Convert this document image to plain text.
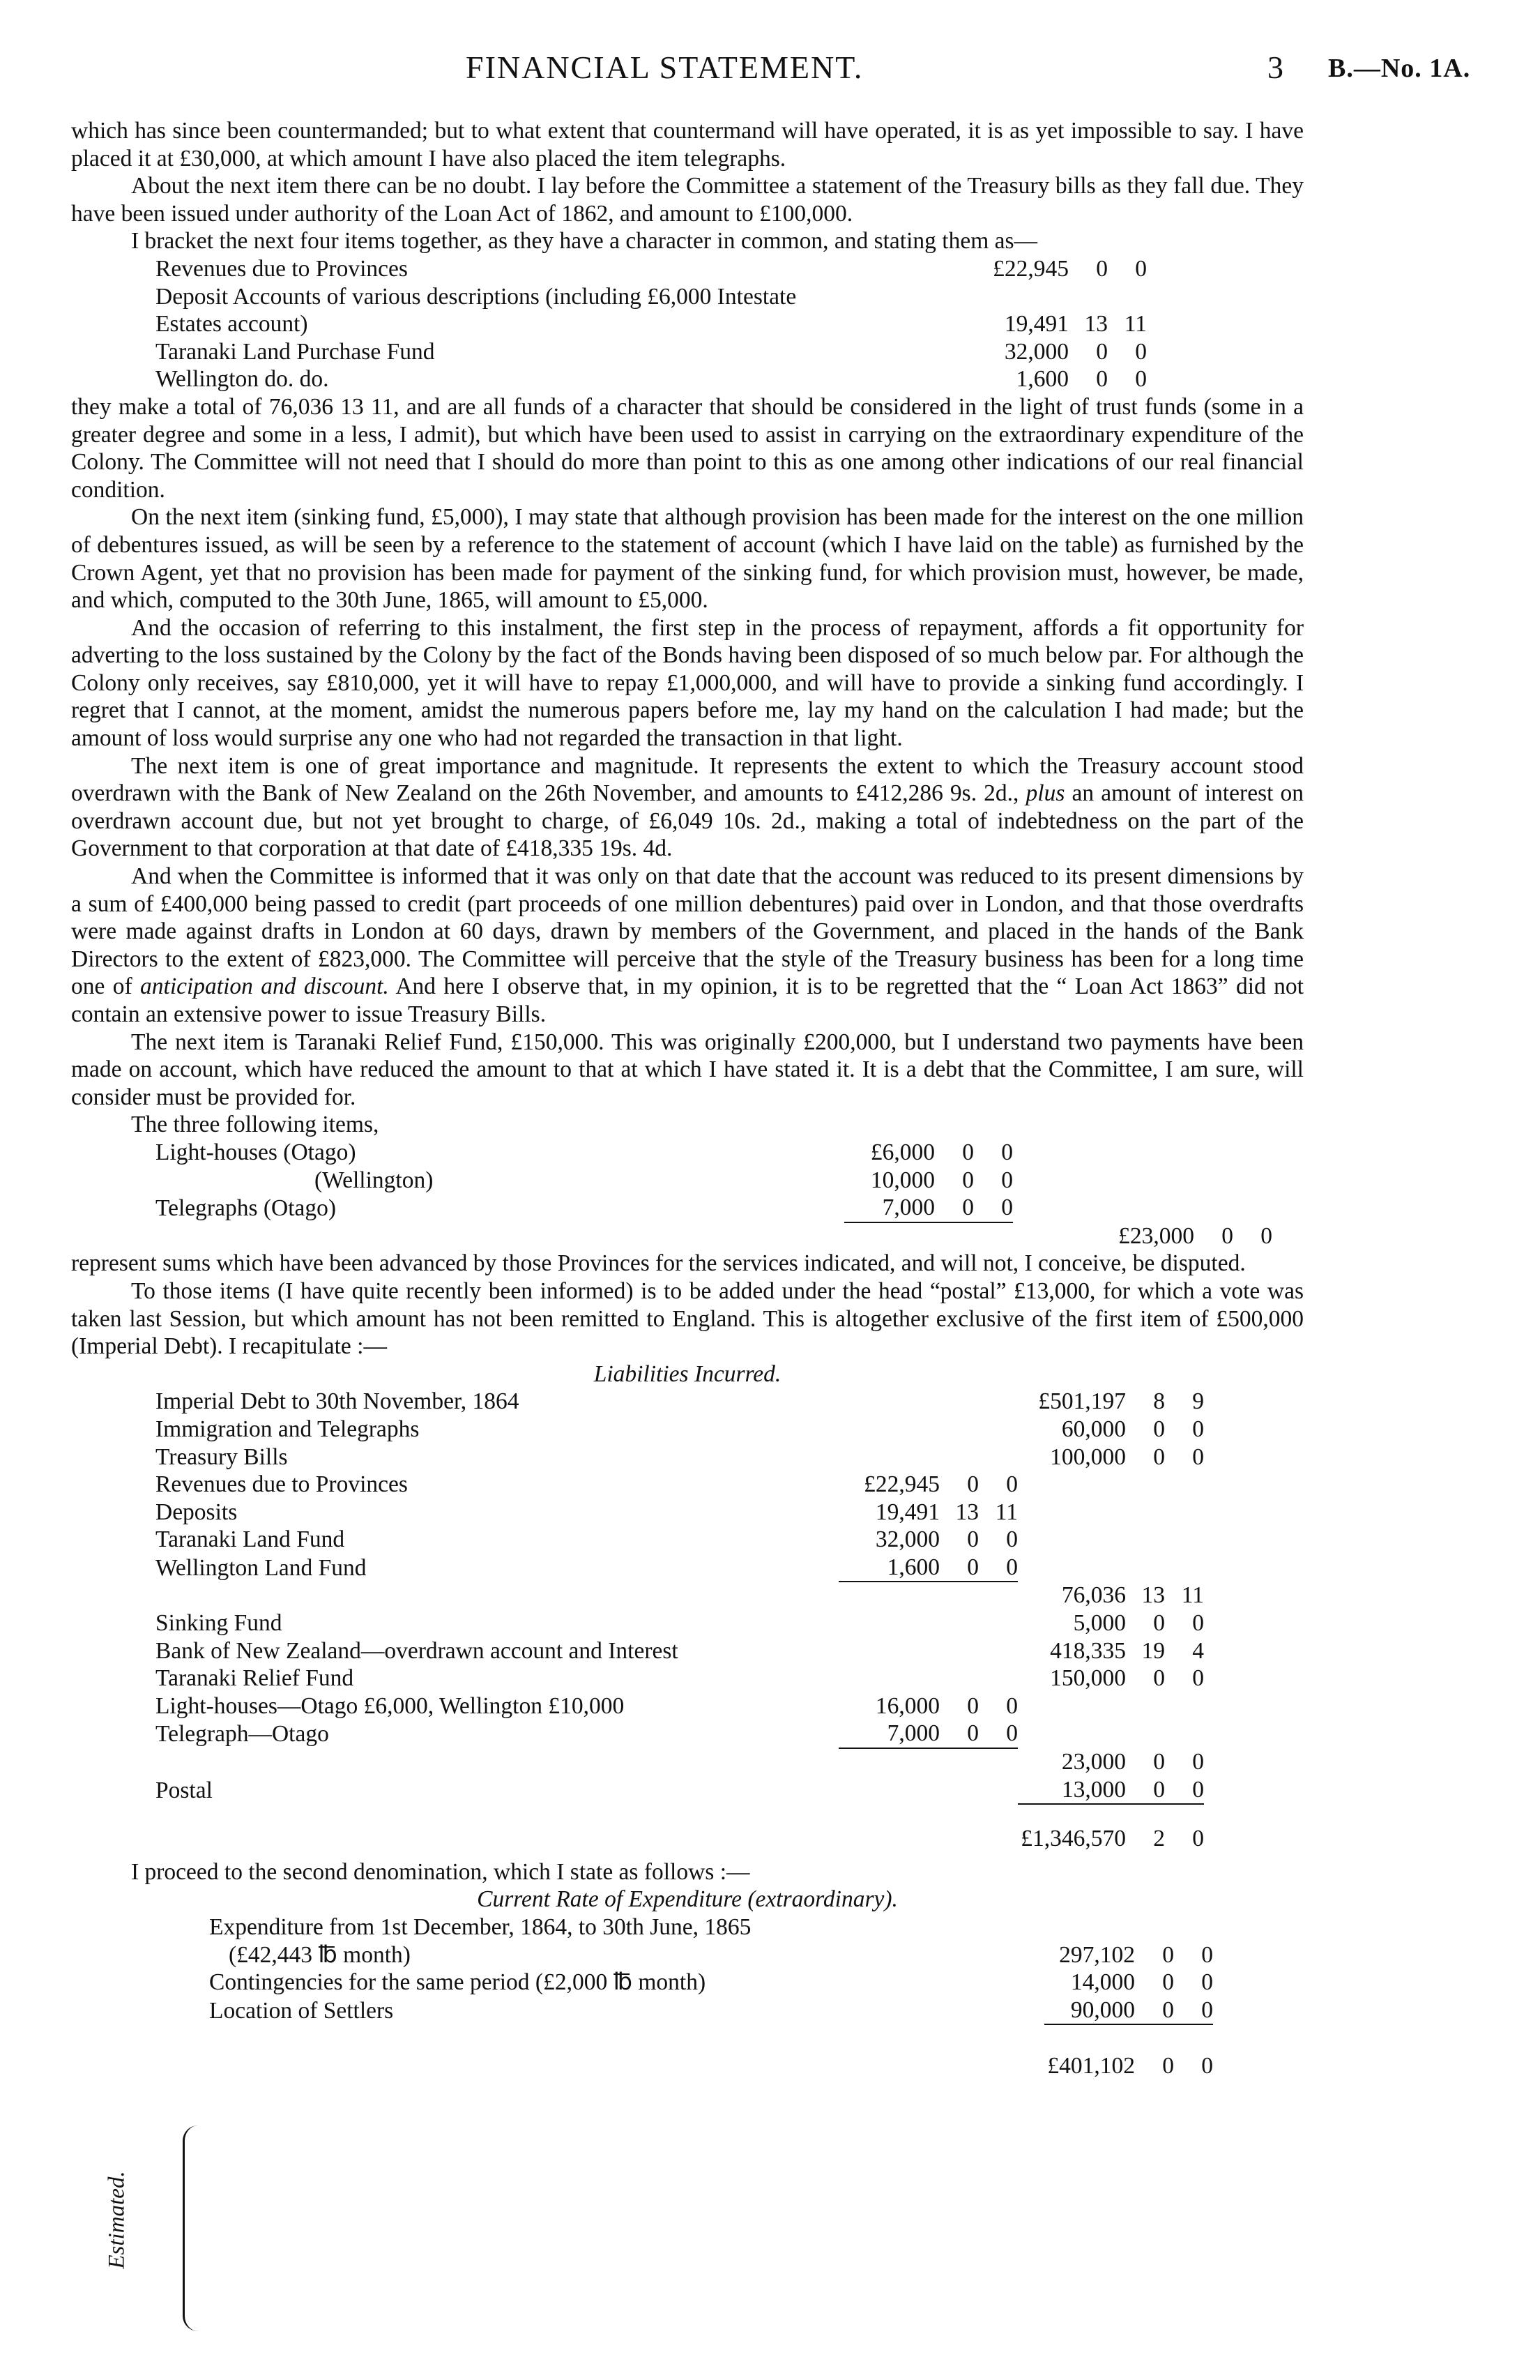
FINANCIAL STATEMENT.	3 B.—No. 1A.

which has since been countermanded; but to what extent that countermand will have operated, it is as yet impossible to say. I have placed it at £30,000, at which amount I have also placed the item telegraphs.

About the next item there can be no doubt. I lay before the Committee a statement of the Treasury bills as they fall due. They have been issued under authority of the Loan Act of 1862, and amount to £100,000.

I bracket the next four items together, as they have a character in common, and stating them as—

Revenues due to Provinces	£22,945	0	0
Deposit Accounts of various descriptions (including £6,000 Intestate			
Estates account)	19,491	13	11
Taranaki Land Purchase Fund	32,000	0	0
Wellington do. do.	1,600	0	0

they make a total of 76,036 13 11, and are all funds of a character that should be considered in the light of trust funds (some in a greater degree and some in a less, I admit), but which have been used to assist in carrying on the extraordinary expenditure of the Colony. The Committee will not need that I should do more than point to this as one among other indications of our real financial condition.

On the next item (sinking fund, £5,000), I may state that although provision has been made for the interest on the one million of debentures issued, as will be seen by a reference to the statement of account (which I have laid on the table) as furnished by the Crown Agent, yet that no provision has been made for payment of the sinking fund, for which provision must, however, be made, and which, computed to the 30th June, 1865, will amount to £5,000.

And the occasion of referring to this instalment, the first step in the process of repayment, affords a fit opportunity for adverting to the loss sustained by the Colony by the fact of the Bonds having been disposed of so much below par. For although the Colony only receives, say £810,000, yet it will have to repay £1,000,000, and will have to provide a sinking fund accordingly. I regret that I cannot, at the moment, amidst the numerous papers before me, lay my hand on the calculation I had made; but the amount of loss would surprise any one who had not regarded the transaction in that light.

The next item is one of great importance and magnitude. It represents the extent to which the Treasury account stood overdrawn with the Bank of New Zealand on the 26th November, and amounts to £412,286 9s. 2d., plus an amount of interest on overdrawn account due, but not yet brought to charge, of £6,049 10s. 2d., making a total of indebtedness on the part of the Government to that corporation at that date of £418,335 19s. 4d.

And when the Committee is informed that it was only on that date that the account was reduced to its present dimensions by a sum of £400,000 being passed to credit (part proceeds of one million debentures) paid over in London, and that those overdrafts were made against drafts in London at 60 days, drawn by members of the Government, and placed in the hands of the Bank Directors to the extent of £823,000. The Committee will perceive that the style of the Treasury business has been for a long time one of anticipation and discount. And here I observe that, in my opinion, it is to be regretted that the “ Loan Act 1863” did not contain an extensive power to issue Treasury Bills.

The next item is Taranaki Relief Fund, £150,000. This was originally £200,000, but I understand two payments have been made on account, which have reduced the amount to that at which I have stated it. It is a debt that the Committee, I am sure, will consider must be provided for.

The three following items,

Light-houses (Otago)	£6,000	0	0			
(Wellington)	10,000	0	0			
Telegraphs (Otago)	7,000	0	0			
				£23,000	0	0

represent sums which have been advanced by those Provinces for the services indicated, and will not, I conceive, be disputed.

To those items (I have quite recently been informed) is to be added under the head “postal” £13,000, for which a vote was taken last Session, but which amount has not been remitted to England. This is altogether exclusive of the first item of £500,000 (Imperial Debt). I recapitulate :—

Liabilities Incurred.

Imperial Debt to 30th November, 1864				£501,197	8	9
Immigration and Telegraphs				60,000	0	0
Treasury Bills				100,000	0	0
Revenues due to Provinces	£22,945	0	0			
Deposits	19,491	13	11			
Taranaki Land Fund	32,000	0	0			
Wellington Land Fund	1,600	0	0			
				76,036	13	11
Sinking Fund				5,000	0	0
Bank of New Zealand—overdrawn account and Interest				418,335	19	4
Taranaki Relief Fund				150,000	0	0
Light-houses—Otago £6,000, Wellington £10,000	16,000	0	0			
Telegraph—Otago	7,000	0	0			
				23,000	0	0
Postal				13,000	0	0

				£1,346,570	2	0

I proceed to the second denomination, which I state as follows :—

Current Rate of Expenditure (extraordinary).

Expenditure from 1st December, 1864, to 30th June, 1865			
(£42,443 ℔ month)	297,102	0	0
Contingencies for the same period (£2,000 ℔ month)	14,000	0	0
Location of Settlers	90,000	0	0

	£401,102	0	0
Estimated.
